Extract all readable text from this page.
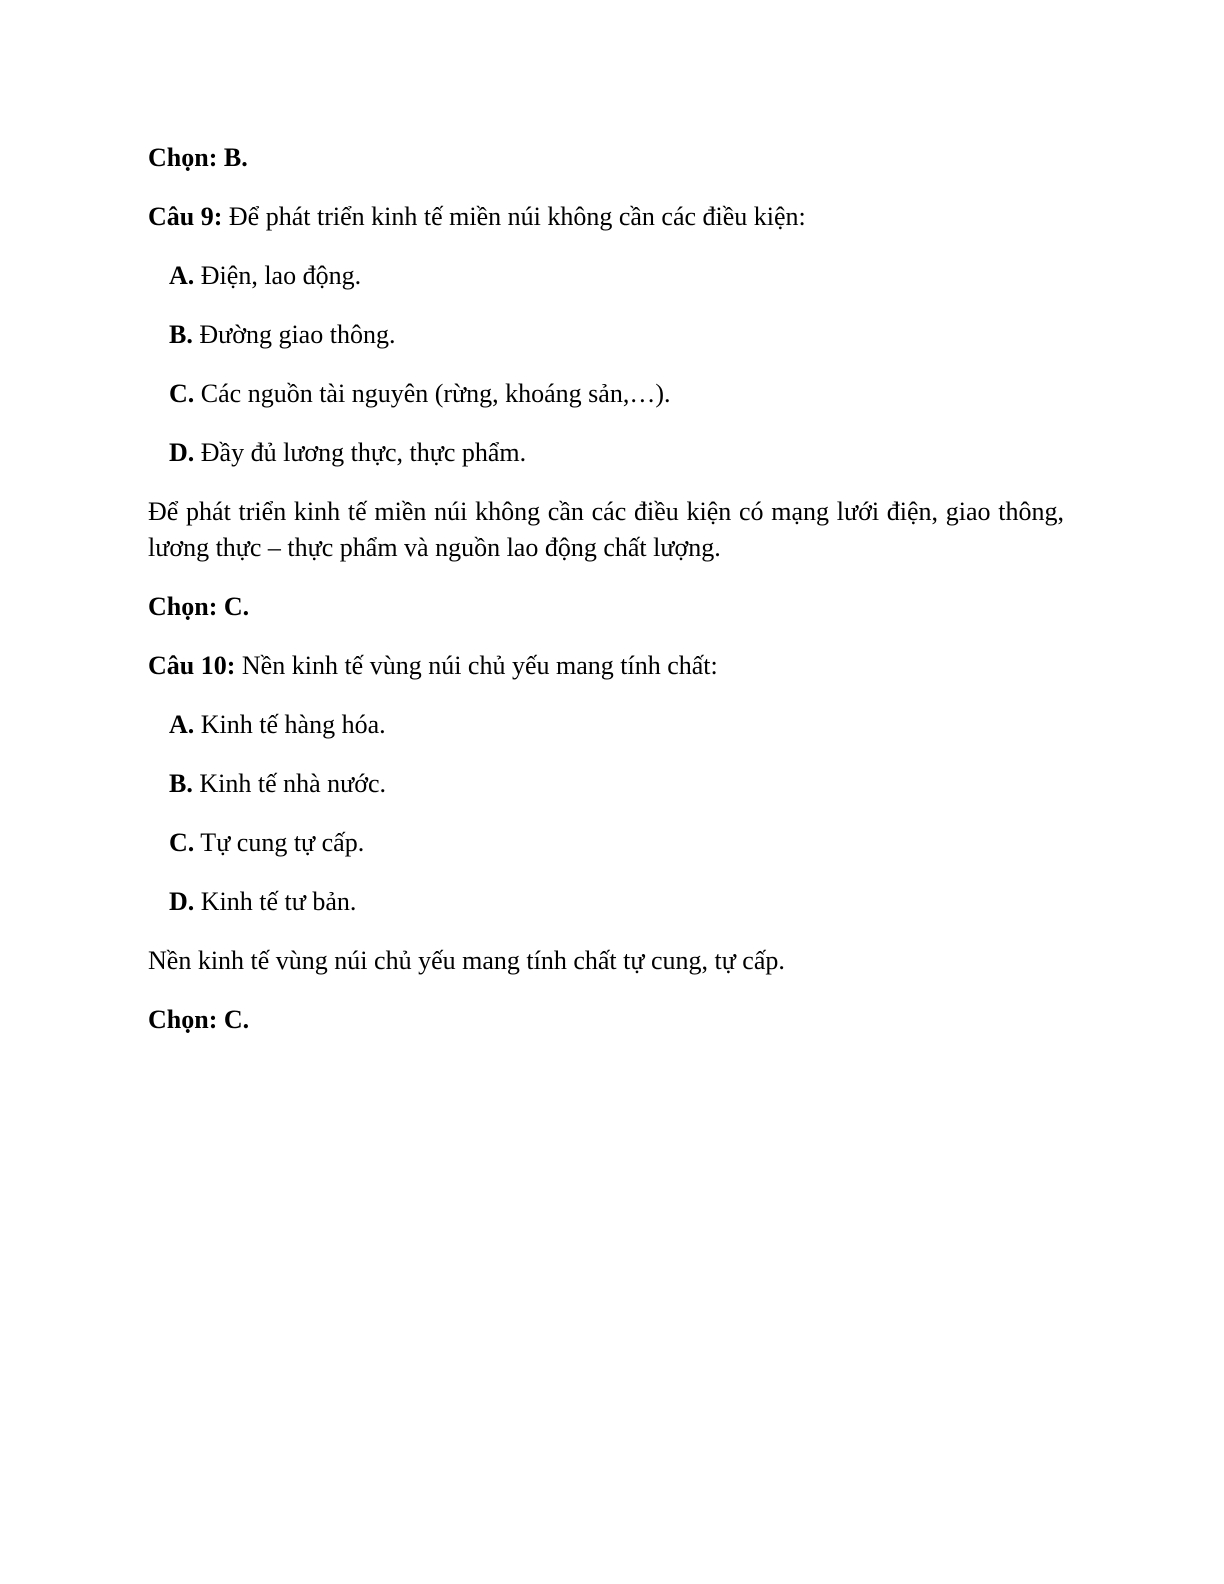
Chọn: B.

Câu 9: Để phát triển kinh tế miền núi không cần các điều kiện:

A. Điện, lao động.

B. Đường giao thông.

C. Các nguồn tài nguyên (rừng, khoáng sản,…).

D. Đầy đủ lương thực, thực phẩm.

Để phát triển kinh tế miền núi không cần các điều kiện có mạng lưới điện, giao thông, lương thực – thực phẩm và nguồn lao động chất lượng.

Chọn: C.

Câu 10: Nền kinh tế vùng núi chủ yếu mang tính chất:

A. Kinh tế hàng hóa.

B. Kinh tế nhà nước.

C. Tự cung tự cấp.

D. Kinh tế tư bản.

Nền kinh tế vùng núi chủ yếu mang tính chất tự cung, tự cấp.

Chọn: C.
